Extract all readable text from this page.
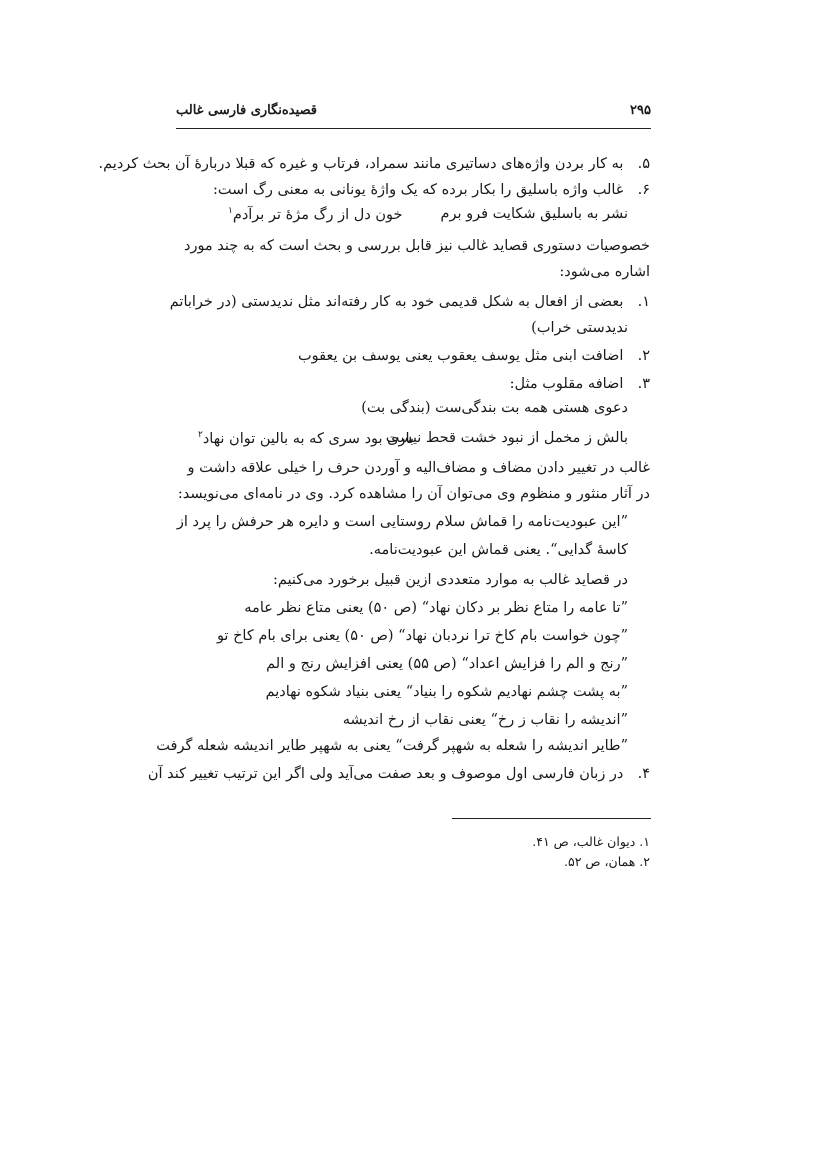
۲۹۵
قصیده‌نگاری فارسی غالب
۵. به کار بردن واژه‌های دساتیری مانند سمراد، فرتاب و غیره که قبلا دربارهٔ آن بحث کردیم.
۶. غالب واژه باسلیق را بکار برده که یک واژهٔ یونانی به معنی رگ است:
نشر به باسلیق شکایت فرو برم
خون دل از رگ مژهٔ تر برآدم$^۱$
خصوصیات دستوری قصاید غالب نیز قابل بررسی و بحث است که به چند مورد
اشاره می‌شود:
۱. بعضی از افعال به شکل قدیمی خود به کار رفته‌اند مثل ندیدستی (در خراباتم
ندیدستی خراب)
۲. اضافت ابنی مثل یوسف یعقوب یعنی یوسف بن یعقوب
۳. اضافه مقلوب مثل:
دعوی هستی همه بت بندگی‌ست (بندگی بت)
بالش ز مخمل از نبود خشت قحط نیست
باری بود سری که به بالین توان نهاد$^۲$
غالب در تغییر دادن مضاف و مضاف‌الیه و آوردن حرف را خیلی علاقه داشت و
در آثار منثور و منظوم وی می‌توان آن را مشاهده کرد. وی در نامه‌ای می‌نویسد:
”این عبودیت‌نامه را قماش سلام روستایی است و دایره هر حرفش را پرد از
کاسهٔ گدایی“. یعنی قماش این عبودیت‌نامه.
در قصاید غالب به موارد متعددی ازین قبیل برخورد می‌کنیم:
”تا عامه را متاع نظر بر دکان نهاد“ (ص ۵۰) یعنی متاع نظر عامه
”چون خواست بام کاخ ترا نردبان نهاد“ (ص ۵۰) یعنی برای بام کاخ تو
”رنج و الم را فزایش اعداد“ (ص ۵۵) یعنی افزایش رنج و الم
”به پشت چشم نهادیم شکوه را بنیاد“ یعنی بنیاد شکوه نهادیم
”اندیشه را نقاب ز رخ“ یعنی نقاب از رخ اندیشه
”طایر اندیشه را شعله به شهپر گرفت“ یعنی به شهپر طایر اندیشه شعله گرفت
۴. در زبان فارسی اول موصوف و بعد صفت می‌آید ولی اگر این ترتیب تغییر کند آن
۱. دیوان غالب، ص ۴۱.
۲. همان، ص ۵۲.
